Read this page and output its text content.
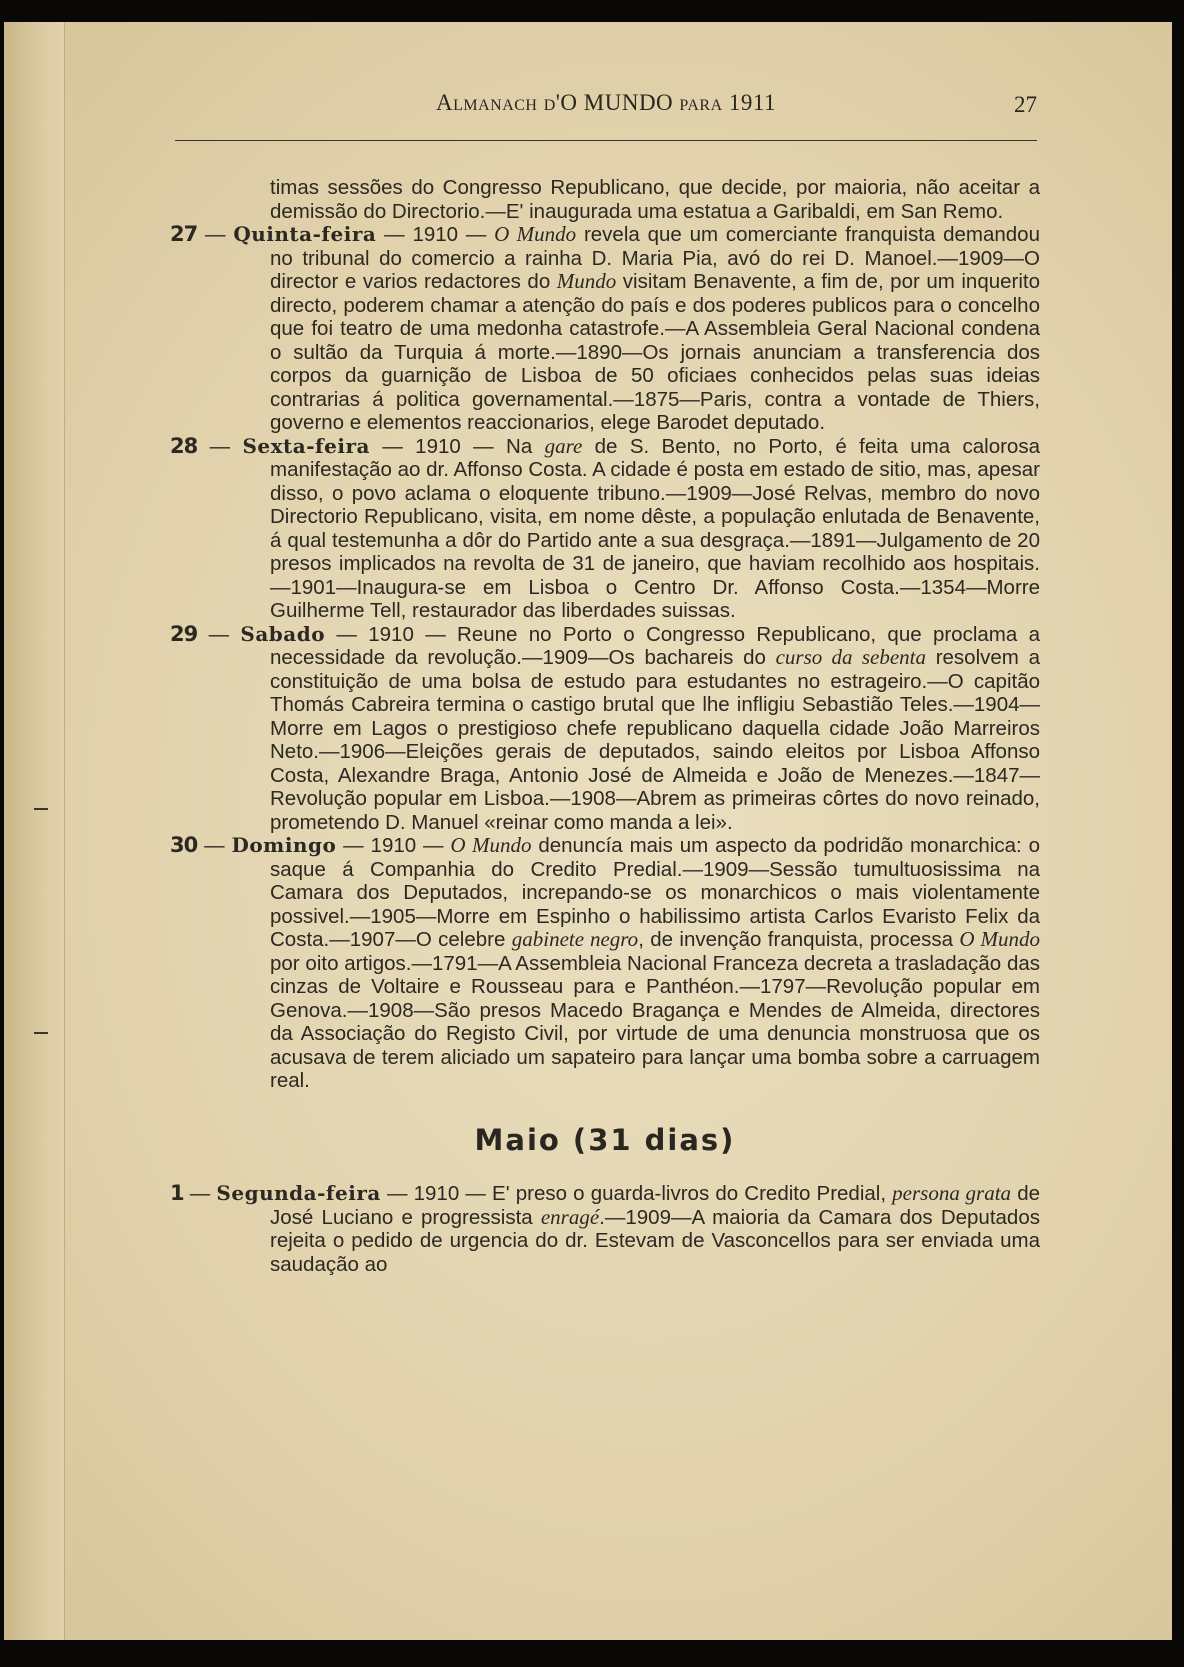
Almanach d'O MUNDO para 1911	27

timas sessões do Congresso Republicano, que decide, por maioria, não aceitar a demissão do Directorio.—E' inaugurada uma estatua a Garibaldi, em San Remo.

27 — Quinta-feira — 1910 — O Mundo revela que um comerciante franquista demandou no tribunal do comercio a rainha D. Maria Pia, avó do rei D. Manoel.—1909—O director e varios redactores do Mundo visitam Benavente, a fim de, por um inquerito directo, poderem chamar a atenção do país e dos poderes publicos para o concelho que foi teatro de uma medonha catastrofe.—A Assembleia Geral Nacional condena o sultão da Turquia á morte.—1890—Os jornais anunciam a transferencia dos corpos da guarnição de Lisboa de 50 oficiaes conhecidos pelas suas ideias contrarias á politica governamental.—1875—Paris, contra a vontade de Thiers, governo e elementos reaccionarios, elege Barodet deputado.

28 — Sexta-feira — 1910 — Na gare de S. Bento, no Porto, é feita uma calorosa manifestação ao dr. Affonso Costa. A cidade é posta em estado de sitio, mas, apesar disso, o povo aclama o eloquente tribuno.—1909—José Relvas, membro do novo Directorio Republicano, visita, em nome dêste, a população enlutada de Benavente, á qual testemunha a dôr do Partido ante a sua desgraça.—1891—Julgamento de 20 presos implicados na revolta de 31 de janeiro, que haviam recolhido aos hospitais.—1901—Inaugura-se em Lisboa o Centro Dr. Affonso Costa.—1354—Morre Guilherme Tell, restaurador das liberdades suissas.

29 — Sabado — 1910 — Reune no Porto o Congresso Republicano, que proclama a necessidade da revolução.—1909—Os bachareis do curso da sebenta resolvem a constituição de uma bolsa de estudo para estudantes no estrageiro.—O capitão Thomás Cabreira termina o castigo brutal que lhe infligiu Sebastião Teles.—1904—Morre em Lagos o prestigioso chefe republicano daquella cidade João Marreiros Neto.—1906—Eleições gerais de deputados, saindo eleitos por Lisboa Affonso Costa, Alexandre Braga, Antonio José de Almeida e João de Menezes.—1847—Revolução popular em Lisboa.—1908—Abrem as primeiras côrtes do novo reinado, prometendo D. Manuel «reinar como manda a lei».

30 — Domingo — 1910 — O Mundo denuncía mais um aspecto da podridão monarchica: o saque á Companhia do Credito Predial.—1909—Sessão tumultuosissima na Camara dos Deputados, increpando-se os monarchicos o mais violentamente possivel.—1905—Morre em Espinho o habilissimo artista Carlos Evaristo Felix da Costa.—1907—O celebre gabinete negro, de invenção franquista, processa O Mundo por oito artigos.—1791—A Assembleia Nacional Franceza decreta a trasladação das cinzas de Voltaire e Rousseau para e Panthéon.—1797—Revolução popular em Genova.—1908—São presos Macedo Bragança e Mendes de Almeida, directores da Associação do Registo Civil, por virtude de uma denuncia monstruosa que os acusava de terem aliciado um sapateiro para lançar uma bomba sobre a carruagem real.

Maio (31 dias)

1 — Segunda-feira — 1910 — E' preso o guarda-livros do Credito Predial, persona grata de José Luciano e progressista enragé.—1909—A maioria da Camara dos Deputados rejeita o pedido de urgencia do dr. Estevam de Vasconcellos para ser enviada uma saudação ao
